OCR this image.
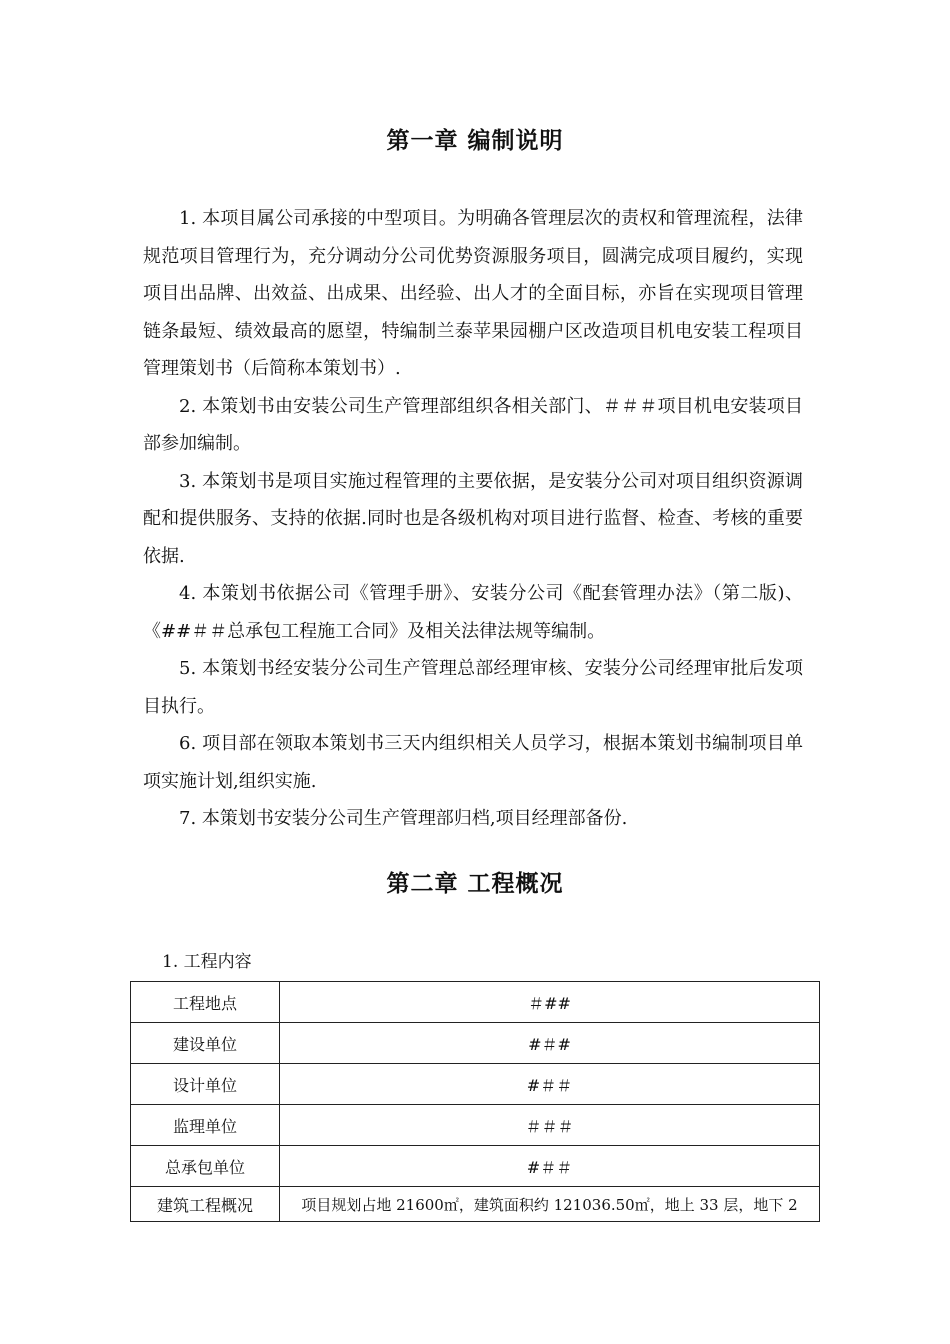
第一章 编制说明

1. 本项目属公司承接的中型项目。为明确各管理层次的责权和管理流程，法律规范项目管理行为，充分调动分公司优势资源服务项目，圆满完成项目履约，实现项目出品牌、出效益、出成果、出经验、出人才的全面目标，亦旨在实现项目管理链条最短、绩效最高的愿望，特编制兰泰苹果园棚户区改造项目机电安装工程项目管理策划书（后简称本策划书）.

2. 本策划书由安装公司生产管理部组织各相关部门、＃＃＃项目机电安装项目部参加编制。

3. 本策划书是项目实施过程管理的主要依据，是安装分公司对项目组织资源调配和提供服务、支持的依据.同时也是各级机构对项目进行监督、检查、考核的重要依据.

4. 本策划书依据公司《管理手册》、安装分公司《配套管理办法》（第二版)、《##＃＃总承包工程施工合同》及相关法律法规等编制。

5. 本策划书经安装分公司生产管理总部经理审核、安装分公司经理审批后发项目执行。

6. 项目部在领取本策划书三天内组织相关人员学习，根据本策划书编制项目单项实施计划,组织实施.

7. 本策划书安装分公司生产管理部归档,项目经理部备份.

第二章 工程概况
1. 工程内容
工程地点	＃##
建设单位	#＃#
设计单位	#＃＃
监理单位	＃＃＃
总承包单位	#＃＃
建筑工程概况	项目规划占地 21600㎡，建筑面积约 121036.50㎡，地上 33 层，地下 2
